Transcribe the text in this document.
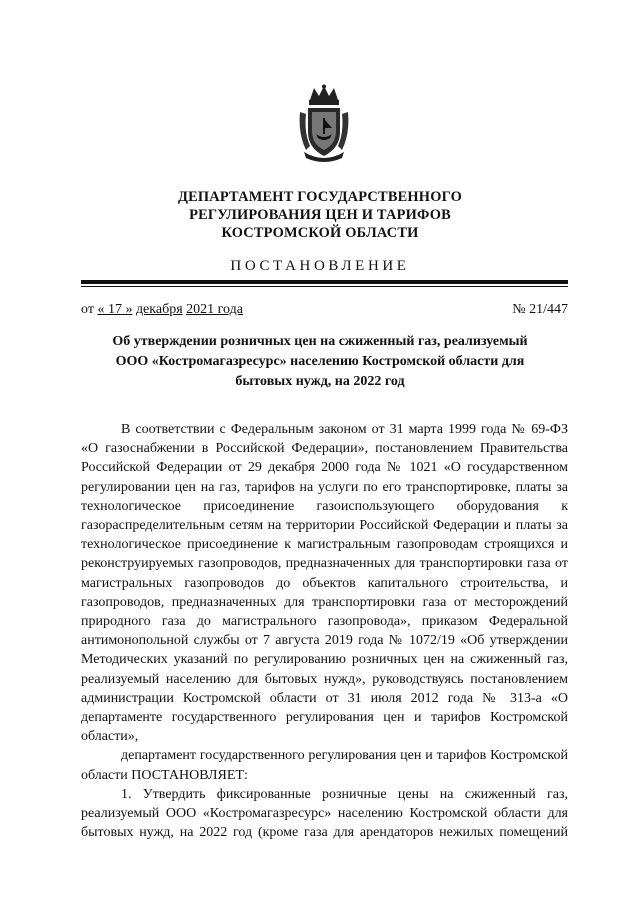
ДЕПАРТАМЕНТ ГОСУДАРСТВЕННОГО
РЕГУЛИРОВАНИЯ ЦЕН И ТАРИФОВ
КОСТРОМСКОЙ ОБЛАСТИ
ПОСТАНОВЛЕНИЕ
от « 17 » декабря 2021 года	№ 21/447
Об утверждении розничных цен на сжиженный газ, реализуемый
ООО «Костромагазресурс» населению Костромской области для
бытовых нужд, на 2022 год

В соответствии с Федеральным законом от 31 марта 1999 года № 69-ФЗ «О газоснабжении в Российской Федерации», постановлением Правительства Российской Федерации от 29 декабря 2000 года № 1021 «О государственном регулировании цен на газ, тарифов на услуги по его транспортировке, платы за технологическое присоединение газоиспользующего оборудования к газораспределительным сетям на территории Российской Федерации и платы за технологическое присоединение к магистральным газопроводам строящихся и реконструируемых газопроводов, предназначенных для транспортировки газа от магистральных газопроводов до объектов капитального строительства, и газопроводов, предназначенных для транспортировки газа от месторождений природного газа до магистрального газопровода», приказом Федеральной антимонопольной службы от 7 августа 2019 года № 1072/19 «Об утверждении Методических указаний по регулированию розничных цен на сжиженный газ, реализуемый населению для бытовых нужд», руководствуясь постановлением администрации Костромской области от 31 июля 2012 года № 313-а «О департаменте государственного регулирования цен и тарифов Костромской области»,

департамент государственного регулирования цен и тарифов Костромской области ПОСТАНОВЛЯЕТ:

1. Утвердить фиксированные розничные цены на сжиженный газ, реализуемый ООО «Костромагазресурс» населению Костромской области для бытовых нужд, на 2022 год (кроме газа для арендаторов нежилых помещений
